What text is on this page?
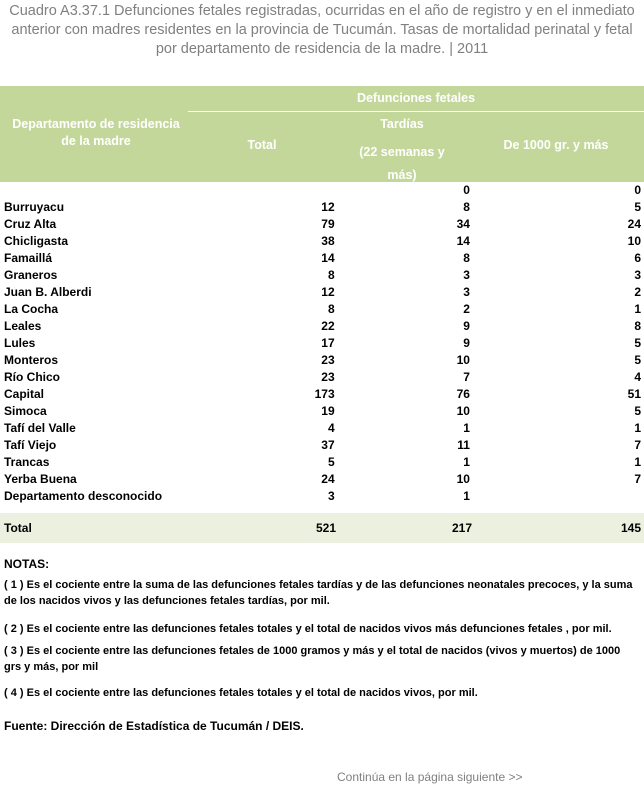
Cuadro A3.37.1 Defunciones fetales registradas, ocurridas en el año de registro y en el inmediato anterior con madres residentes en la provincia de Tucumán. Tasas de mortalidad perinatal y fetal por departamento de residencia de la madre. | 2011
Departamento de residencia de la madre
Defunciones fetales
Total
Tardías
(22 semanas y más)
De 1000 gr. y más
		0	0
Burruyacu	12	8	5
Cruz Alta	79	34	24
Chicligasta	38	14	10
Famaillá	14	8	6
Graneros	8	3	3
Juan B. Alberdi	12	3	2
La Cocha	8	2	1
Leales	22	9	8
Lules	17	9	5
Monteros	23	10	5
Río Chico	23	7	4
Capital	173	76	51
Simoca	19	10	5
Tafí del Valle	4	1	1
Tafí Viejo	37	11	7
Trancas	5	1	1
Yerba Buena	24	10	7
Departamento desconocido	3	1	
Total	521	217	145
NOTAS:

( 1 ) Es el cociente entre la suma de las defunciones fetales tardías y de las defunciones neonatales precoces, y la suma de los nacidos vivos y las defunciones fetales tardías, por mil.

( 2 ) Es el cociente entre las defunciones fetales totales y el total de nacidos vivos más defunciones fetales , por mil.

( 3 ) Es el cociente entre las defunciones fetales de 1000 gramos y más y el total de nacidos (vivos y muertos) de 1000 grs y más, por mil

( 4 ) Es el cociente entre las defunciones fetales totales y el total de nacidos vivos, por mil.

Fuente: Dirección de Estadística de Tucumán / DEIS.
Continúa en la página siguiente >>
